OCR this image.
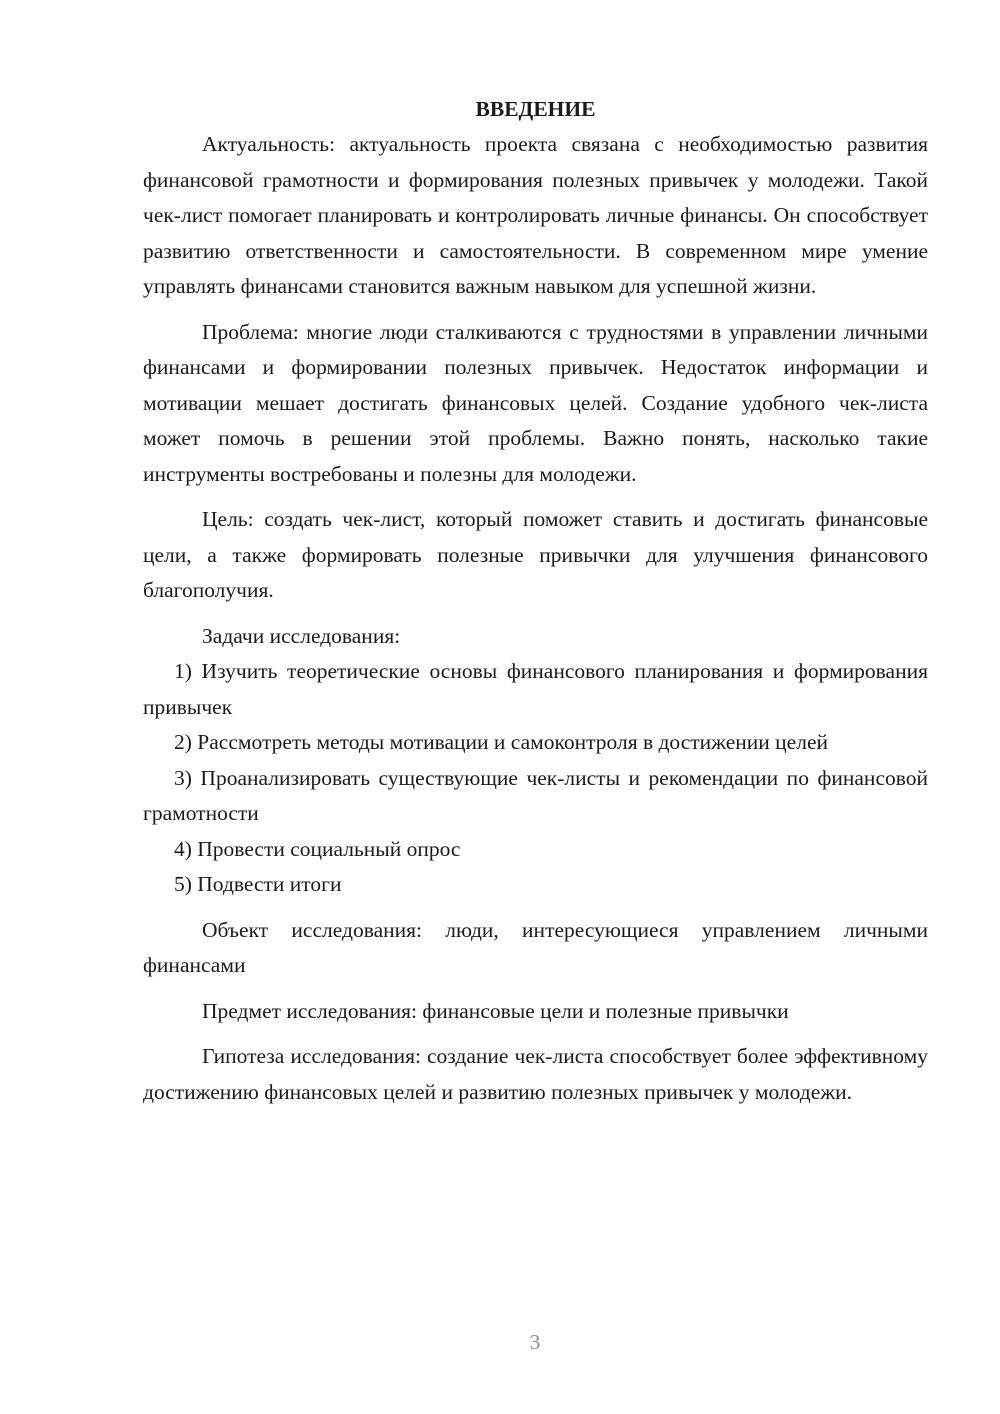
ВВЕДЕНИЕ

Актуальность: актуальность проекта связана с необходимостью развития финансовой грамотности и формирования полезных привычек у молодежи. Такой чек-лист помогает планировать и контролировать личные финансы. Он способствует развитию ответственности и самостоятельности. В современном мире умение управлять финансами становится важным навыком для успешной жизни.

Проблема: многие люди сталкиваются с трудностями в управлении личными финансами и формировании полезных привычек. Недостаток информации и мотивации мешает достигать финансовых целей. Создание удобного чек-листа может помочь в решении этой проблемы. Важно понять, насколько такие инструменты востребованы и полезны для молодежи.

Цель: создать чек-лист, который поможет ставить и достигать финансовые цели, а также формировать полезные привычки для улучшения финансового благополучия.

Задачи исследования:

1) Изучить теоретические основы финансового планирования и формирования привычек

2) Рассмотреть методы мотивации и самоконтроля в достижении целей

3) Проанализировать существующие чек-листы и рекомендации по финансовой грамотности

4) Провести социальный опрос

5) Подвести итоги

Объект исследования: люди, интересующиеся управлением личными финансами

Предмет исследования: финансовые цели и полезные привычки

Гипотеза исследования: создание чек-листа способствует более эффективному достижению финансовых целей и развитию полезных привычек у молодежи.

3
